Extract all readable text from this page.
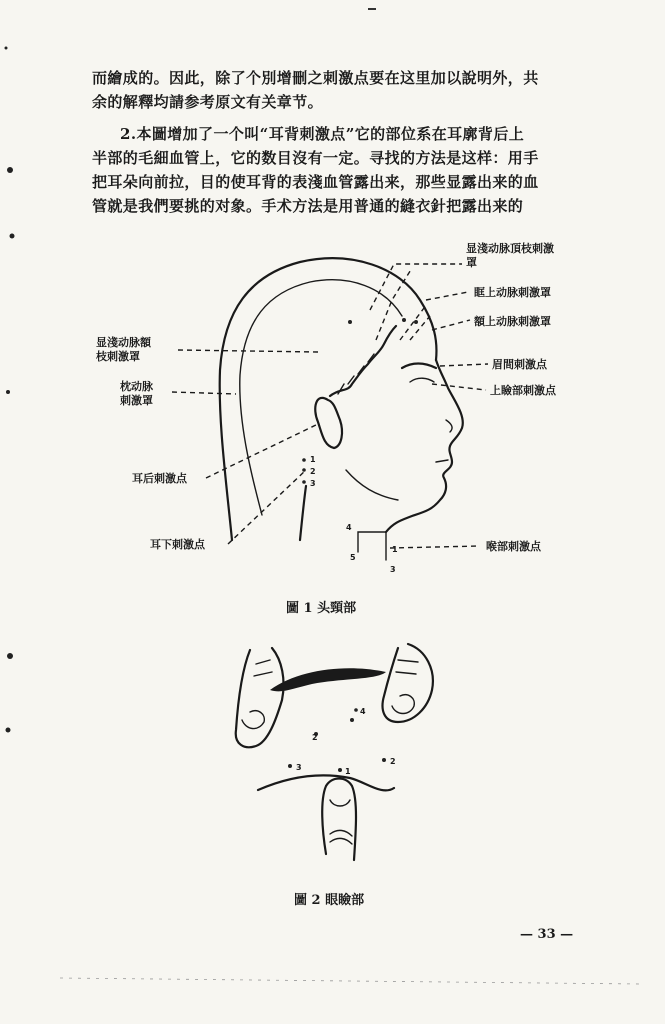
而繪成的。因此，除了个別增刪之刺激点要在这里加以說明外，共
余的解釋均請参考原文有关章节。
2.本圖增加了一个叫“耳背刺激点”它的部位系在耳廓背后上
半部的毛細血管上，它的数目沒有一定。寻找的方法是这样：用手
把耳朵向前拉，目的使耳背的表淺血管露出来，那些显露出来的血
管就是我們要挑的对象。手术方法是用普通的縫衣針把露出来的
1
2
3
4
5
1
3
显淺动脉頂枝刺激
罩
眶上动脉刺激罩
額上动脉刺激罩
显淺动脉額
枝刺激罩
枕动脉
刺激罩
眉間刺激点
上瞼部刺激点
耳后刺激点
耳下刺激点	喉部刺激点
圖 1 头頸部
4
2
3	1
2
圖 2 眼瞼部
— 33 —
